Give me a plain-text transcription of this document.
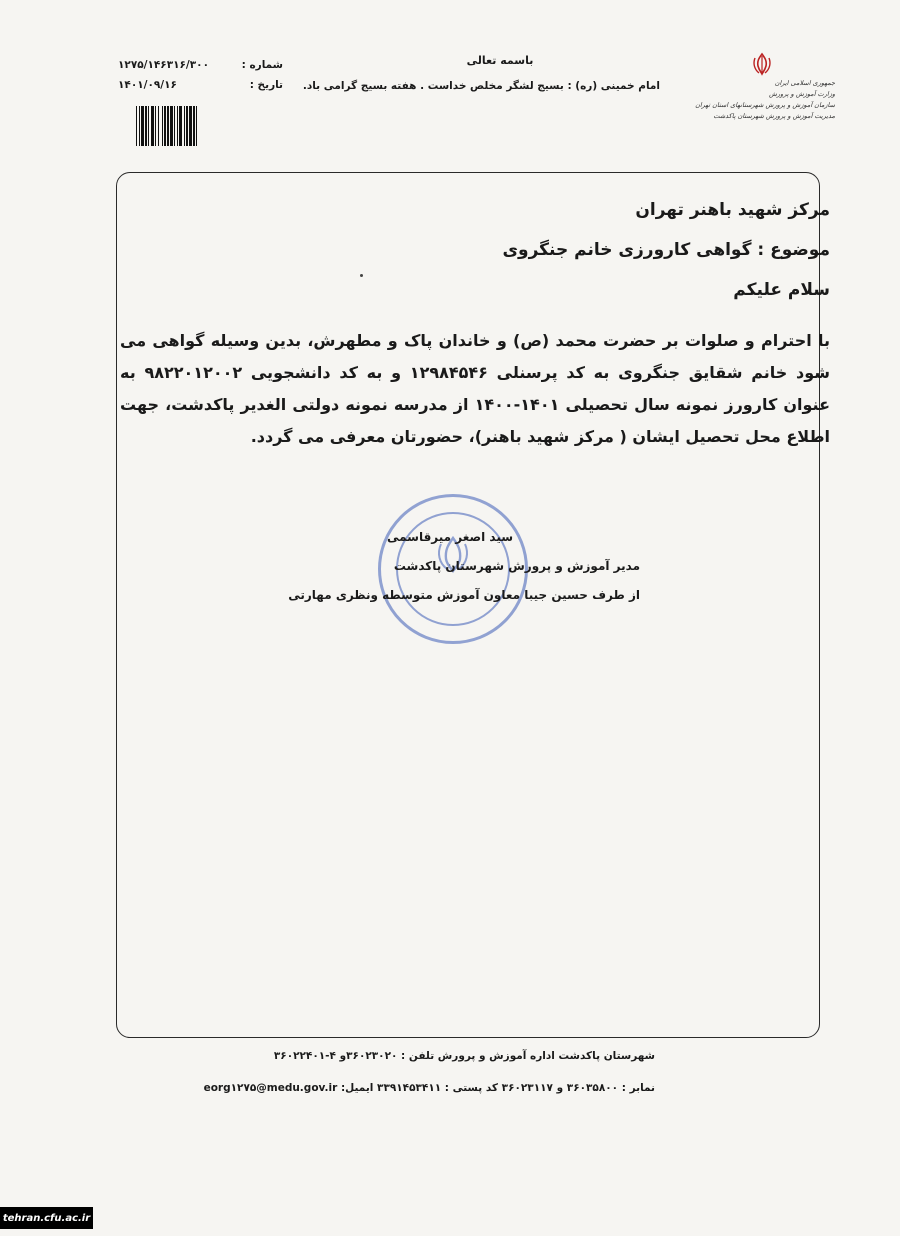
جمهوری اسلامی ایران
وزارت آموزش و پرورش
سازمان آموزش و پرورش شهرستانهای استان تهران
مدیریت آموزش و پرورش شهرستان پاکدشت
باسمه تعالی
امام خمینی (ره) : بسیج لشگر مخلص خداست . هفته بسیج گرامی باد.
شماره :
۱۲۷۵/۱۴۶۳۱۶/۳۰۰
تاریخ :
۱۴۰۱/۰۹/۱۶
مرکز شهید باهنر تهران
موضوع : گواهی کارورزی خانم جنگروی
سلام علیکم
با احترام و صلوات بر حضرت محمد (ص) و خاندان پاک و مطهرش، بدین وسیله گواهی می شود خانم شقایق جنگروی به کد پرسنلی ۱۲۹۸۴۵۴۶ و به کد دانشجویی ۹۸۲۲۰۱۲۰۰۲ به عنوان کارورز نمونه سال تحصیلی ۱۴۰۱-۱۴۰۰ از مدرسه نمونه دولتی الغدیر پاکدشت، جهت اطلاع محل تحصیل ایشان ( مرکز شهید باهنر)، حضورتان معرفی می گردد.
سید اصغر میرقاسمی
مدیر آموزش و پرورش شهرستان پاکدشت
از طرف حسین جیبا معاون آموزش متوسطه ونظری مهارتی
شهرستان پاکدشت اداره آموزش و پرورش تلفن : ۳۶۰۲۳۰۲۰و ۴-۳۶۰۲۲۴۰۱
نمابر : ۳۶۰۳۵۸۰۰ و ۳۶۰۲۳۱۱۷ کد پستی : ۳۳۹۱۴۵۳۴۱۱ ایمیل: eorg۱۲۷۵@medu.gov.ir
tehran.cfu.ac.ir
